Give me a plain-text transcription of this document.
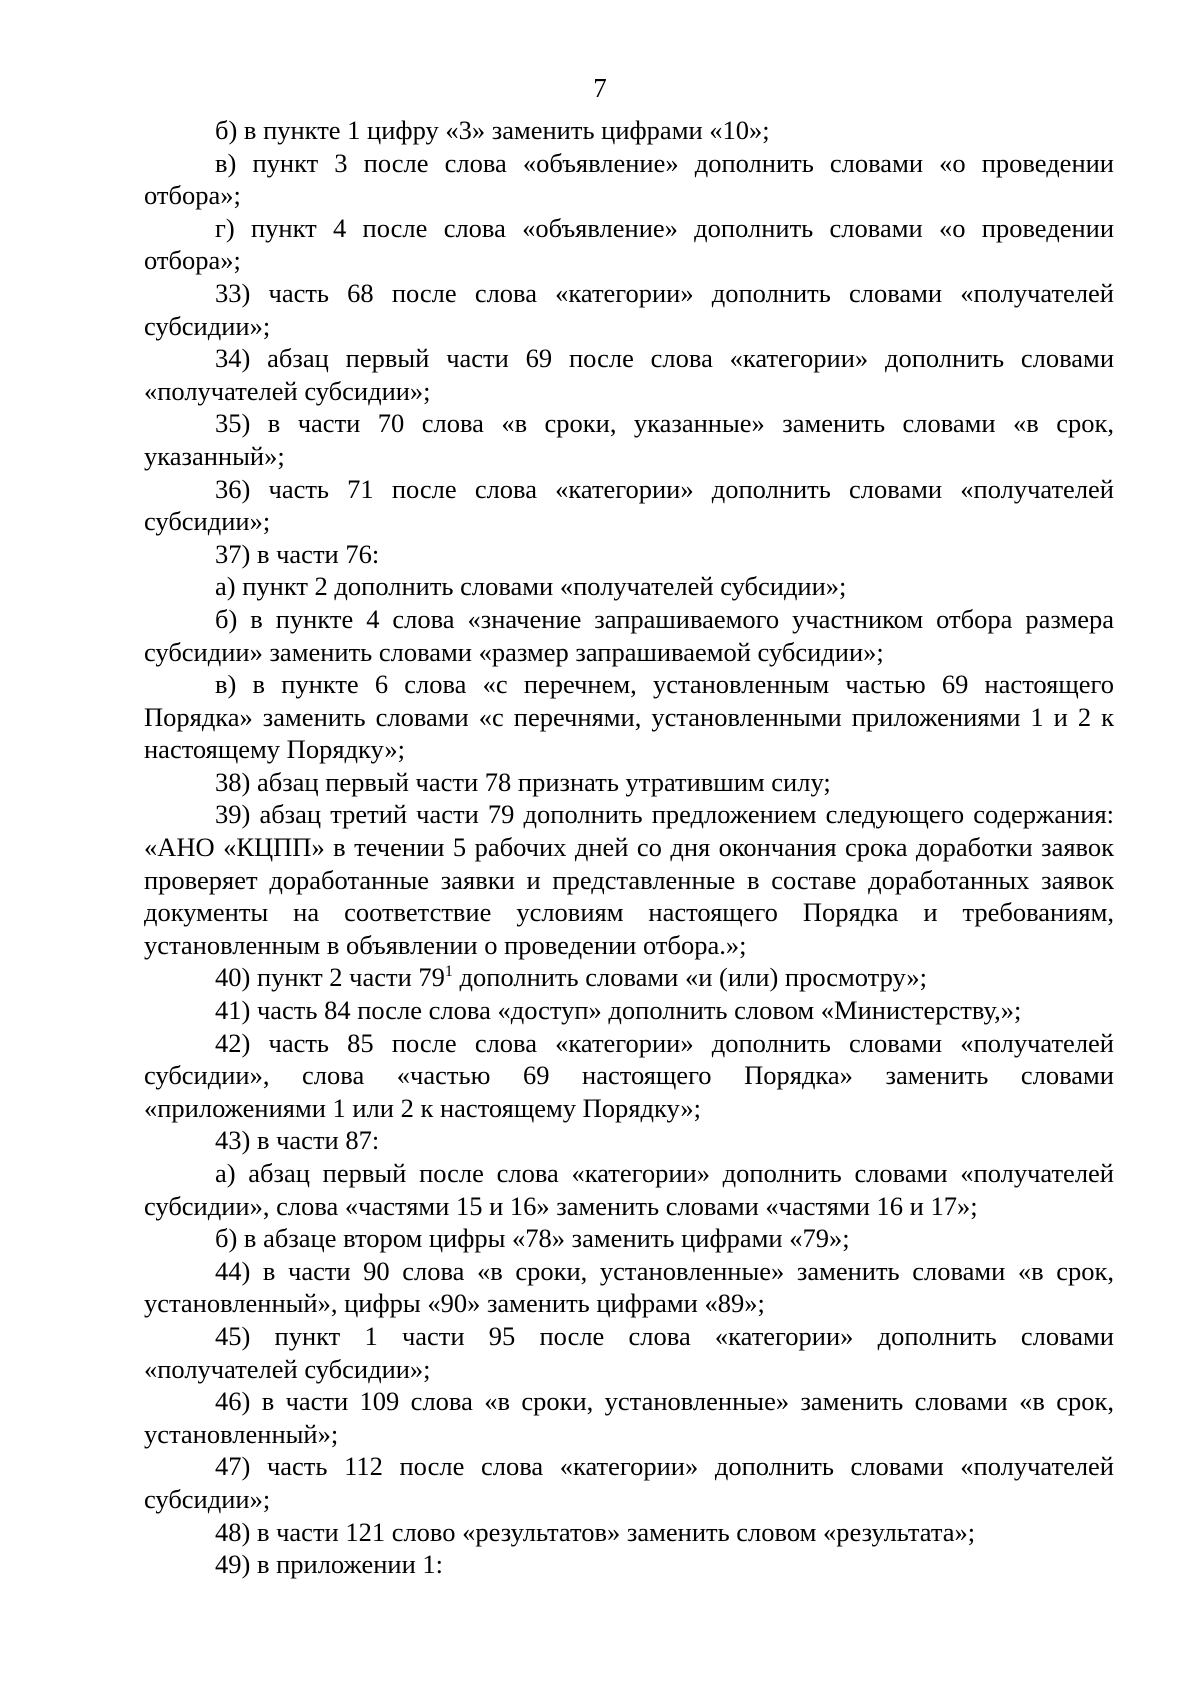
7

б) в пункте 1 цифру «3» заменить цифрами «10»;

в) пункт 3 после слова «объявление» дополнить словами «о проведении отбора»;

г) пункт 4 после слова «объявление» дополнить словами «о проведении отбора»;

33) часть 68 после слова «категории» дополнить словами «получателей субсидии»;

34) абзац первый части 69 после слова «категории» дополнить словами «получателей субсидии»;

35) в части 70 слова «в сроки, указанные» заменить словами «в срок, указанный»;

36) часть 71 после слова «категории» дополнить словами «получателей субсидии»;

37) в части 76:

а) пункт 2 дополнить словами «получателей субсидии»;

б) в пункте 4 слова «значение запрашиваемого участником отбора размера субсидии» заменить словами «размер запрашиваемой субсидии»;

в) в пункте 6 слова «с перечнем, установленным частью 69 настоящего Порядка» заменить словами «с перечнями, установленными приложениями 1 и 2 к настоящему Порядку»;

38) абзац первый части 78 признать утратившим силу;

39) абзац третий части 79 дополнить предложением следующего содержания: «АНО «КЦПП» в течении 5 рабочих дней со дня окончания срока доработки заявок проверяет доработанные заявки и представленные в составе доработанных заявок документы на соответствие условиям настоящего Порядка и требованиям, установленным в объявлении о проведении отбора.»;

40) пункт 2 части $79^1$ дополнить словами «и (или) просмотру»;

41) часть 84 после слова «доступ» дополнить словом «Министерству,»;

42) часть 85 после слова «категории» дополнить словами «получателей субсидии», слова «частью 69 настоящего Порядка» заменить словами «приложениями 1 или 2 к настоящему Порядку»;

43) в части 87:

а) абзац первый после слова «категории» дополнить словами «получателей субсидии», слова «частями 15 и 16» заменить словами «частями 16 и 17»;

б) в абзаце втором цифры «78» заменить цифрами «79»;

44) в части 90 слова «в сроки, установленные» заменить словами «в срок, установленный», цифры «90» заменить цифрами «89»;

45) пункт 1 части 95 после слова «категории» дополнить словами «получателей субсидии»;

46) в части 109 слова «в сроки, установленные» заменить словами «в срок, установленный»;

47) часть 112 после слова «категории» дополнить словами «получателей субсидии»;

48) в части 121 слово «результатов» заменить словом «результата»;

49) в приложении 1:
